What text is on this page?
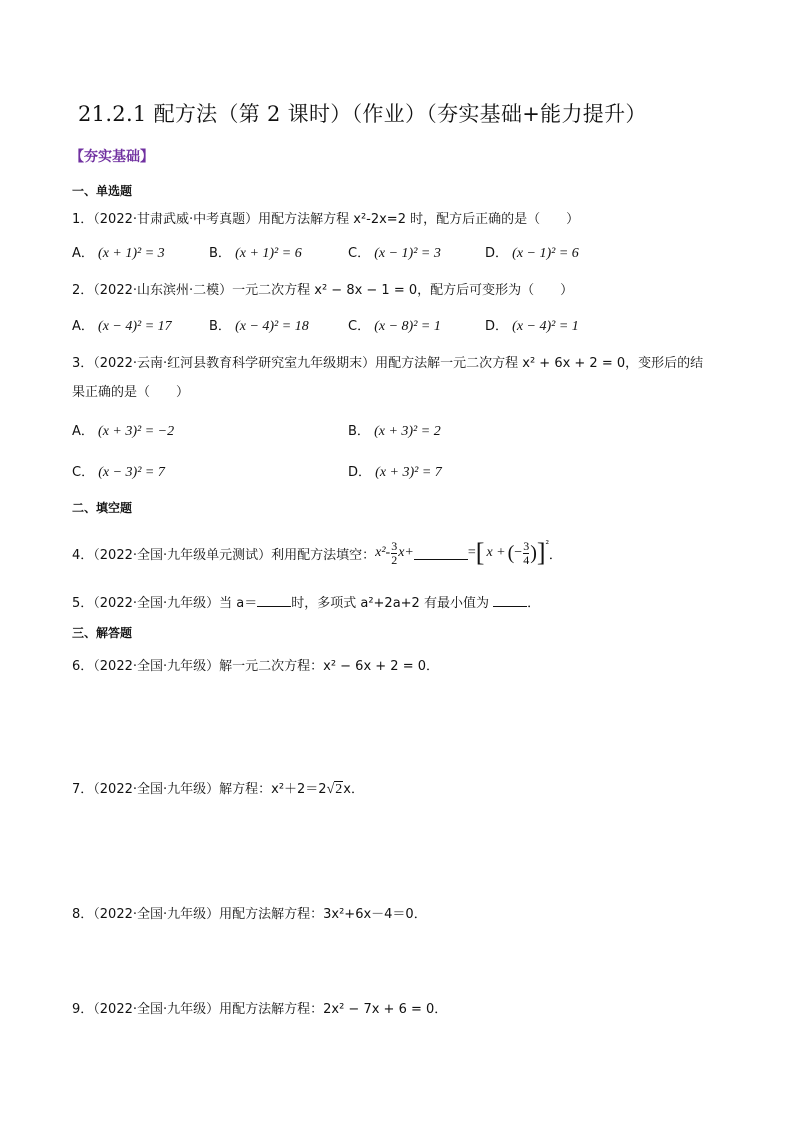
21.2.1 配方法（第 2 课时）（作业）（夯实基础+能力提升）
【夯实基础】
一、单选题
1．（2022·甘肃武威·中考真题）用配方法解方程 x²-2x=2 时，配方后正确的是（　　）
A． (x + 1)² = 3	B． (x + 1)² = 6	C． (x − 1)² = 3	D． (x − 1)² = 6
2．（2022·山东滨州·二模）一元二次方程 x² − 8x − 1 = 0，配方后可变形为（　　）
A． (x − 4)² = 17	B． (x − 4)² = 18	C． (x − 8)² = 1	D． (x − 4)² = 1
3．（2022·云南·红河县教育科学研究室九年级期末）用配方法解一元二次方程 x² + 6x + 2 = 0，变形后的结
果正确的是（　　）
A． (x + 3)² = −2	B． (x + 3)² = 2
C． (x − 3)² = 7	D． (x + 3)² = 7
二、填空题
4．（2022·全国·九年级单元测试）利用配方法填空： $x^2- \frac{3}{2} x+$	= [ x + ( − $\frac{3}{4}$ ) ] ²
．
5．（2022·全国·九年级）当 a＝	时，多项式 a²+2a+2 有最小值为	．
三、解答题
6．（2022·全国·九年级）解一元二次方程：x² − 6x + 2 = 0．
7．（2022·全国·九年级）解方程：x²＋2＝2√2x．
8．（2022·全国·九年级）用配方法解方程：3x²+6x－4＝0．
9．（2022·全国·九年级）用配方法解方程：2x² − 7x + 6 = 0．
